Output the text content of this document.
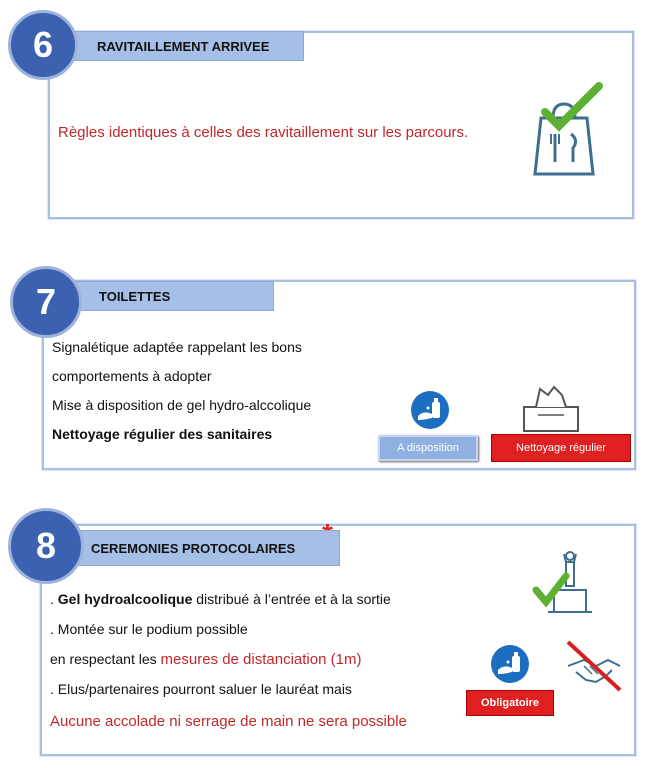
6	RAVITAILLEMENT ARRIVEE
Règles identiques à celles des ravitaillement sur les parcours.
7	TOILETTES
Signalétique adaptée rappelant les bons
comportements à adopter
Mise à disposition de gel hydro-alccolique
Nettoyage régulier des sanitaires
A disposition	Nettoyage régulier
8	CEREMONIES PROTOCOLAIRES
. Gel hydroalcoolique distribué à l’entrée et à la sortie
. Montée sur le podium possible
en respectant les mesures de distanciation (1m)
. Elus/partenaires pourront saluer le lauréat mais
Aucune accolade ni serrage de main ne sera possible
Obligatoire
